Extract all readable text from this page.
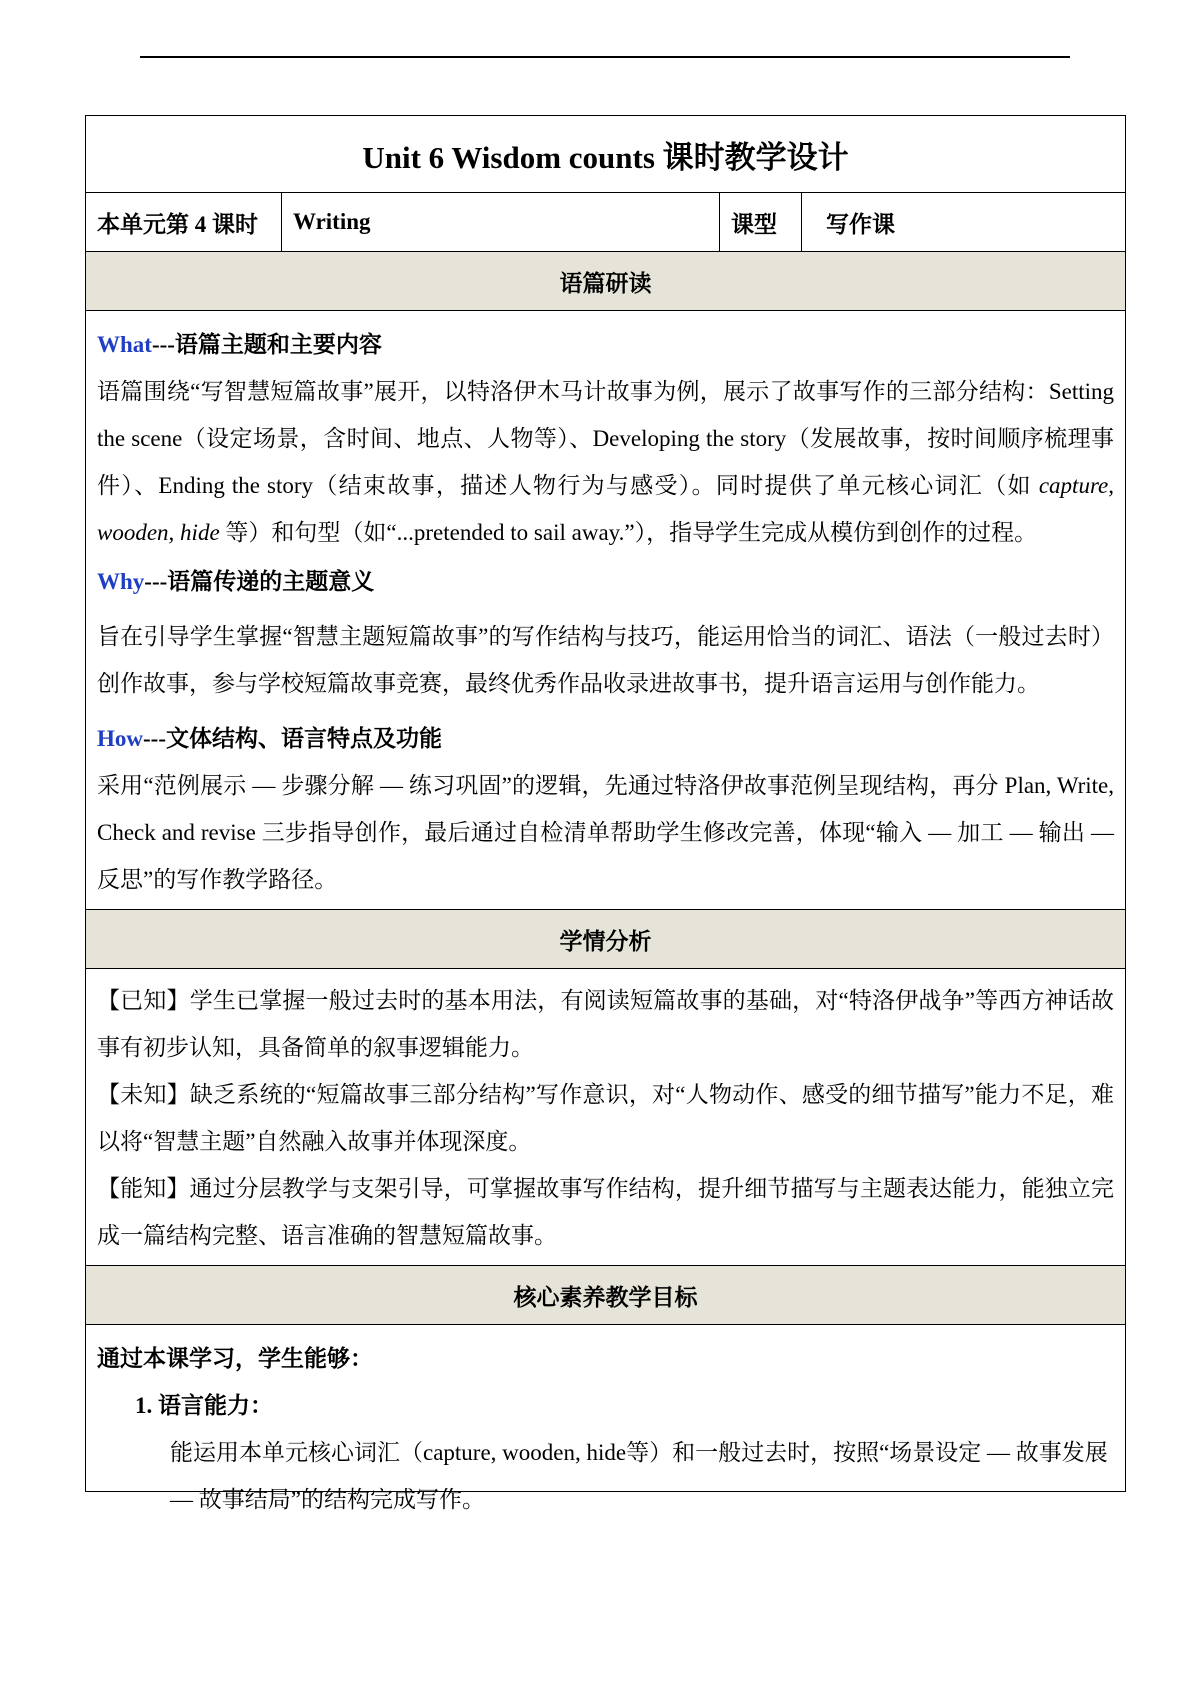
Unit 6 Wisdom counts 课时教学设计
本单元第 4 课时	Writing	课型	写作课
语篇研读

What---语篇主题和主要内容

语篇围绕“写智慧短篇故事”展开，以特洛伊木马计故事为例，展示了故事写作的三部分结构：Setting the scene（设定场景，含时间、地点、人物等）、Developing the story（发展故事，按时间顺序梳理事件）、Ending the story（结束故事，描述人物行为与感受）。同时提供了单元核心词汇（如 capture, wooden, hide 等）和句型（如“...pretended to sail away.”），指导学生完成从模仿到创作的过程。

Why---语篇传递的主题意义

旨在引导学生掌握“智慧主题短篇故事”的写作结构与技巧，能运用恰当的词汇、语法（一般过去时）创作故事，参与学校短篇故事竞赛，最终优秀作品收录进故事书，提升语言运用与创作能力。

How---文体结构、语言特点及功能

采用“范例展示 — 步骤分解 — 练习巩固”的逻辑，先通过特洛伊故事范例呈现结构，再分 Plan, Write, Check and revise 三步指导创作，最后通过自检清单帮助学生修改完善，体现“输入 — 加工 — 输出 — 反思”的写作教学路径。

学情分析

【已知】学生已掌握一般过去时的基本用法，有阅读短篇故事的基础，对“特洛伊战争”等西方神话故事有初步认知，具备简单的叙事逻辑能力。

【未知】缺乏系统的“短篇故事三部分结构”写作意识，对“人物动作、感受的细节描写”能力不足，难以将“智慧主题”自然融入故事并体现深度。

【能知】通过分层教学与支架引导，可掌握故事写作结构，提升细节描写与主题表达能力，能独立完成一篇结构完整、语言准确的智慧短篇故事。

核心素养教学目标

通过本课学习，学生能够：
1. 语言能力：
能运用本单元核心词汇（capture, wooden, hide等）和一般过去时，按照“场景设定 — 故事发展 — 故事结局”的结构完成写作。
